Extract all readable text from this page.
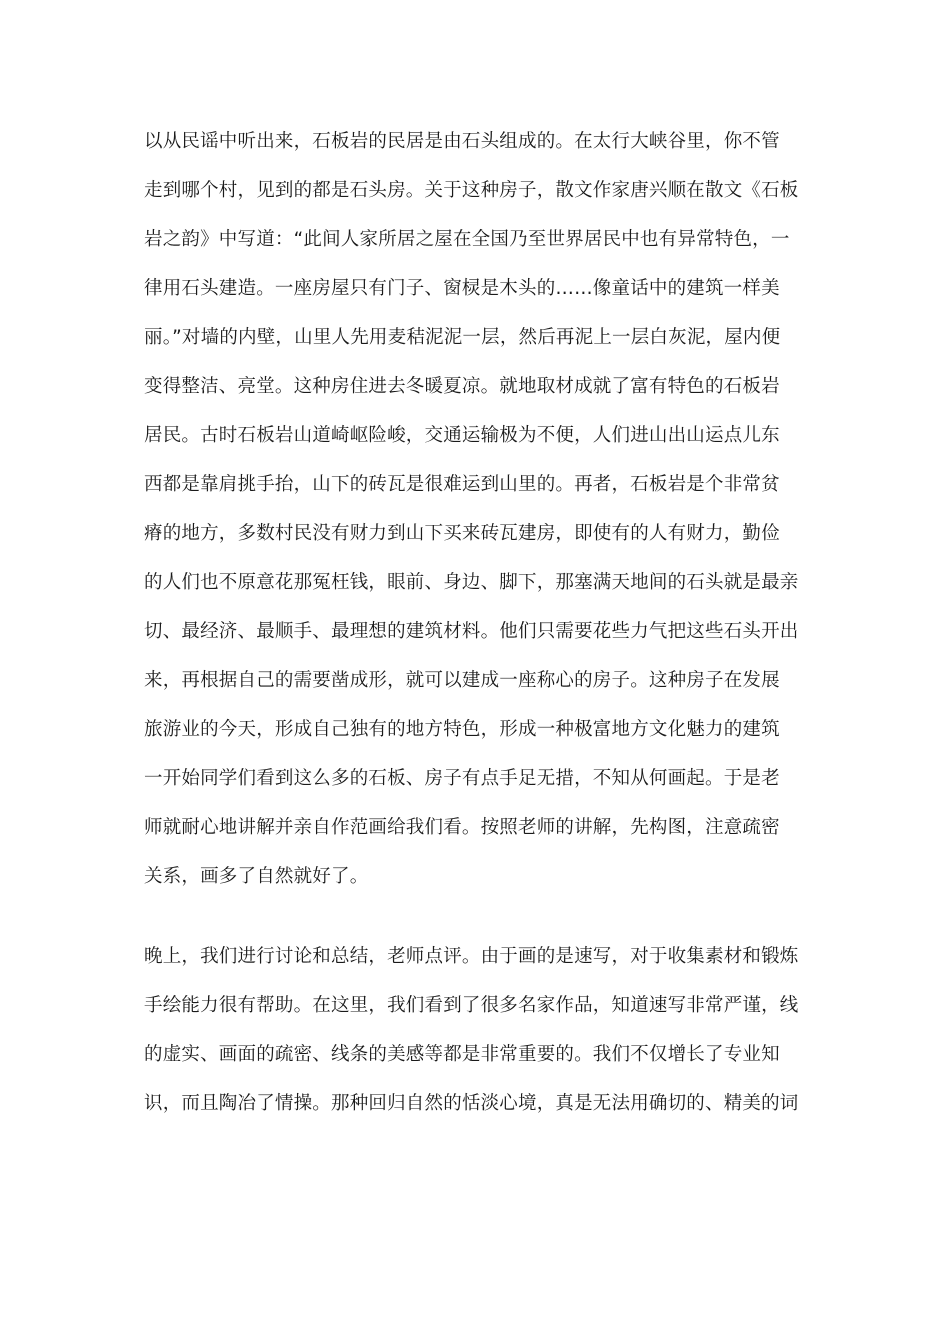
以从民谣中听出来，石板岩的民居是由石头组成的。在太行大峡谷里，你不管
走到哪个村，见到的都是石头房。关于这种房子，散文作家唐兴顺在散文《石板
岩之韵》中写道：“此间人家所居之屋在全国乃至世界居民中也有异常特色，一
律用石头建造。一座房屋只有门子、窗棂是木头的……像童话中的建筑一样美
丽。”对墙的内壁，山里人先用麦秸泥泥一层，然后再泥上一层白灰泥，屋内便
变得整洁、亮堂。这种房住进去冬暖夏凉。就地取材成就了富有特色的石板岩
居民。古时石板岩山道崎岖险峻，交通运输极为不便，人们进山出山运点儿东
西都是靠肩挑手抬，山下的砖瓦是很难运到山里的。再者，石板岩是个非常贫
瘠的地方，多数村民没有财力到山下买来砖瓦建房，即使有的人有财力，勤俭
的人们也不原意花那冤枉钱，眼前、身边、脚下，那塞满天地间的石头就是最亲
切、最经济、最顺手、最理想的建筑材料。他们只需要花些力气把这些石头开出
来，再根据自己的需要凿成形，就可以建成一座称心的房子。这种房子在发展
旅游业的今天，形成自己独有的地方特色，形成一种极富地方文化魅力的建筑
一开始同学们看到这么多的石板、房子有点手足无措，不知从何画起。于是老
师就耐心地讲解并亲自作范画给我们看。按照老师的讲解，先构图，注意疏密
关系，画多了自然就好了。
晚上，我们进行讨论和总结，老师点评。由于画的是速写，对于收集素材和锻炼
手绘能力很有帮助。在这里，我们看到了很多名家作品，知道速写非常严谨，线
的虚实、画面的疏密、线条的美感等都是非常重要的。我们不仅增长了专业知
识，而且陶冶了情操。那种回归自然的恬淡心境，真是无法用确切的、精美的词
